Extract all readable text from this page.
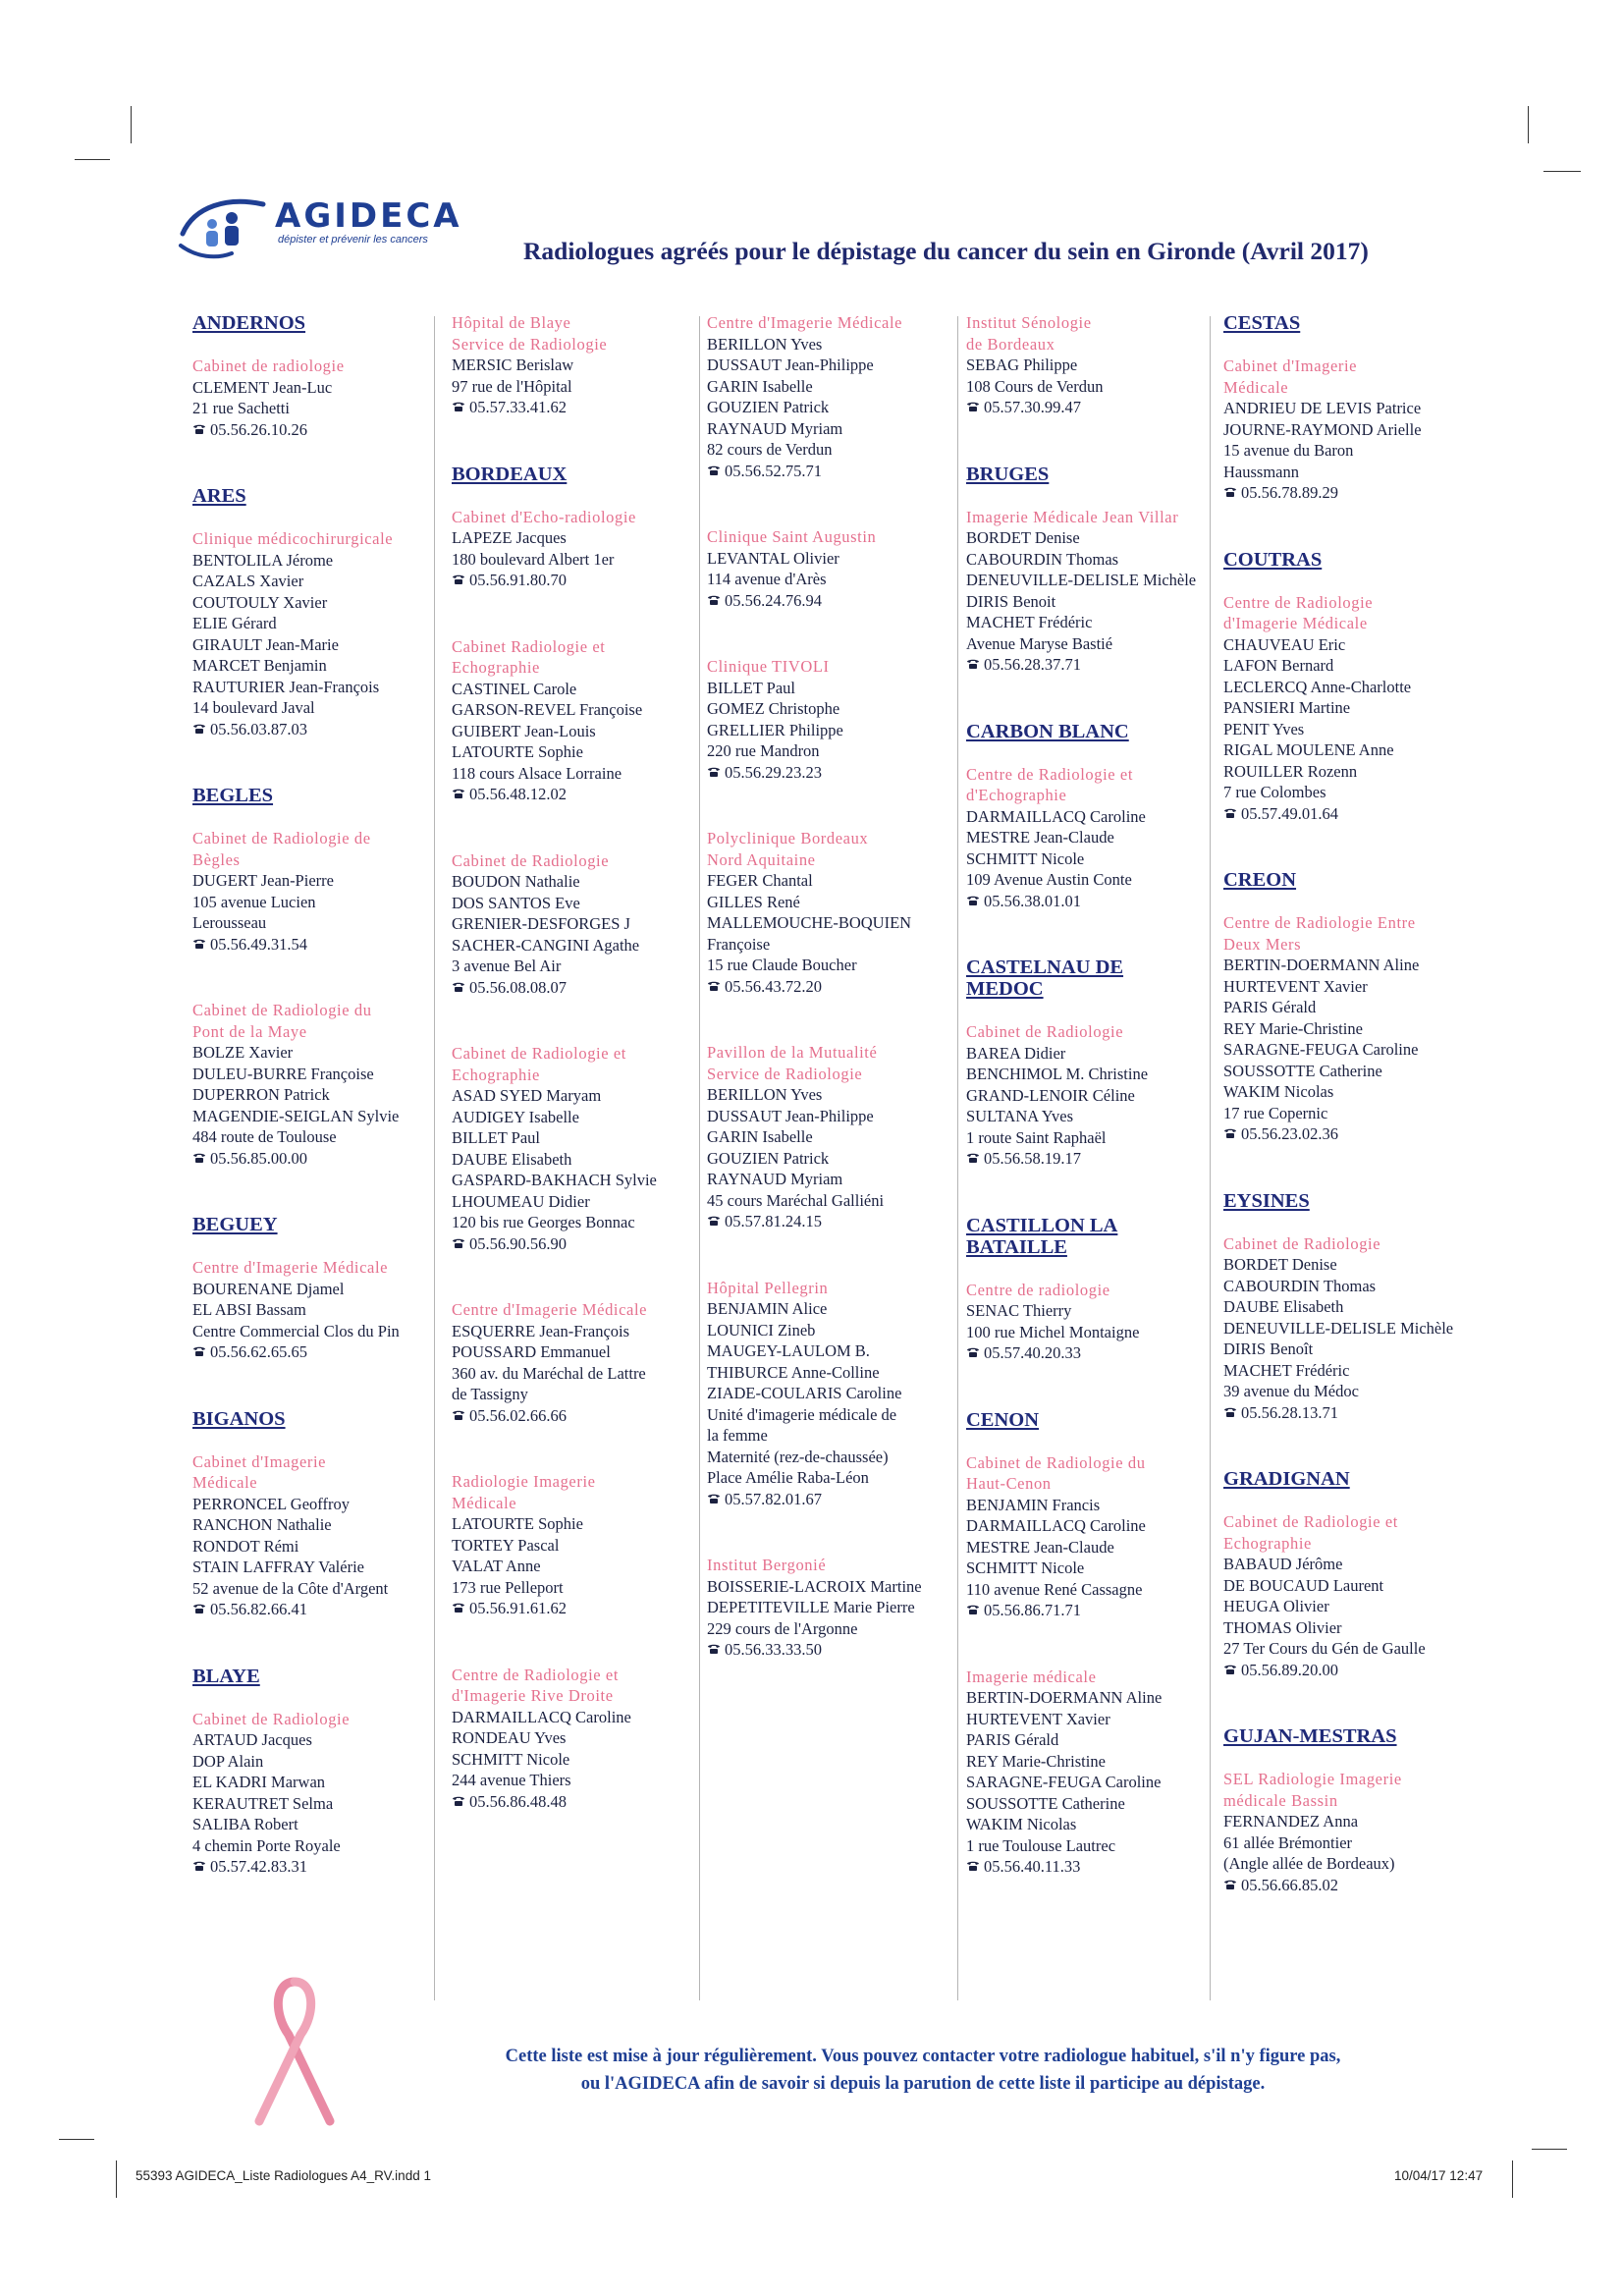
AGIDECA
dépister et prévenir les cancers	Radiologues agréés pour le dépistage du cancer du sein en Gironde (Avril 2017)
ANDERNOS
Cabinet de radiologie
CLEMENT Jean-Luc
21 rue Sachetti
05.56.26.10.26
ARES
Clinique médicochirurgicale
BENTOLILA Jérome
CAZALS Xavier
COUTOULY Xavier
ELIE Gérard
GIRAULT Jean-Marie
MARCET Benjamin
RAUTURIER Jean-François
14 boulevard Javal
05.56.03.87.03
BEGLES
Cabinet de Radiologie de
Bègles
DUGERT Jean-Pierre
105 avenue Lucien
Lerousseau
05.56.49.31.54
Cabinet de Radiologie du
Pont de la Maye
BOLZE Xavier
DULEU-BURRE Françoise
DUPERRON Patrick
MAGENDIE-SEIGLAN Sylvie
484 route de Toulouse
05.56.85.00.00
BEGUEY
Centre d'Imagerie Médicale
BOURENANE Djamel
EL ABSI Bassam
Centre Commercial Clos du Pin
05.56.62.65.65
BIGANOS
Cabinet d'Imagerie
Médicale
PERRONCEL Geoffroy
RANCHON Nathalie
RONDOT Rémi
STAIN LAFFRAY Valérie
52 avenue de la Côte d'Argent
05.56.82.66.41
BLAYE
Cabinet de Radiologie
ARTAUD Jacques
DOP Alain
EL KADRI Marwan
KERAUTRET Selma
SALIBA Robert
4 chemin Porte Royale
05.57.42.83.31
Hôpital de Blaye
Service de Radiologie
MERSIC Berislaw
97 rue de l'Hôpital
05.57.33.41.62
BORDEAUX
Cabinet d'Echo-radiologie
LAPEZE Jacques
180 boulevard Albert 1er
05.56.91.80.70
Cabinet Radiologie et
Echographie
CASTINEL Carole
GARSON-REVEL Françoise
GUIBERT Jean-Louis
LATOURTE Sophie
118 cours Alsace Lorraine
05.56.48.12.02
Cabinet de Radiologie
BOUDON Nathalie
DOS SANTOS Eve
GRENIER-DESFORGES J
SACHER-CANGINI Agathe
3 avenue Bel Air
05.56.08.08.07
Cabinet de Radiologie et
Echographie
ASAD SYED Maryam
AUDIGEY Isabelle
BILLET Paul
DAUBE Elisabeth
GASPARD-BAKHACH Sylvie
LHOUMEAU Didier
120 bis rue Georges Bonnac
05.56.90.56.90
Centre d'Imagerie Médicale
ESQUERRE Jean-François
POUSSARD Emmanuel
360 av. du Maréchal de Lattre
de Tassigny
05.56.02.66.66
Radiologie Imagerie
Médicale
LATOURTE Sophie
TORTEY Pascal
VALAT Anne
173 rue Pelleport
05.56.91.61.62
Centre de Radiologie et
d'Imagerie Rive Droite
DARMAILLACQ Caroline
RONDEAU Yves
SCHMITT Nicole
244 avenue Thiers
05.56.86.48.48
Centre d'Imagerie Médicale
BERILLON Yves
DUSSAUT Jean-Philippe
GARIN Isabelle
GOUZIEN Patrick
RAYNAUD Myriam
82 cours de Verdun
05.56.52.75.71
Clinique Saint Augustin
LEVANTAL Olivier
114 avenue d'Arès
05.56.24.76.94
Clinique TIVOLI
BILLET Paul
GOMEZ Christophe
GRELLIER Philippe
220 rue Mandron
05.56.29.23.23
Polyclinique Bordeaux
Nord Aquitaine
FEGER Chantal
GILLES René
MALLEMOUCHE-BOQUIEN
Françoise
15 rue Claude Boucher
05.56.43.72.20
Pavillon de la Mutualité
Service de Radiologie
BERILLON Yves
DUSSAUT Jean-Philippe
GARIN Isabelle
GOUZIEN Patrick
RAYNAUD Myriam
45 cours Maréchal Galliéni
05.57.81.24.15
Hôpital Pellegrin
BENJAMIN Alice
LOUNICI Zineb
MAUGEY-LAULOM B.
THIBURCE Anne-Colline
ZIADE-COULARIS Caroline
Unité d'imagerie médicale de
la femme
Maternité (rez-de-chaussée)
Place Amélie Raba-Léon
05.57.82.01.67
Institut Bergonié
BOISSERIE-LACROIX Martine
DEPETITEVILLE Marie Pierre
229 cours de l'Argonne
05.56.33.33.50
Institut Sénologie
de Bordeaux
SEBAG Philippe
108 Cours de Verdun
05.57.30.99.47
BRUGES
Imagerie Médicale Jean Villar
BORDET Denise
CABOURDIN Thomas
DENEUVILLE-DELISLE Michèle
DIRIS Benoit
MACHET Frédéric
Avenue Maryse Bastié
05.56.28.37.71
CARBON BLANC
Centre de Radiologie et
d'Echographie
DARMAILLACQ Caroline
MESTRE Jean-Claude
SCHMITT Nicole
109 Avenue Austin Conte
05.56.38.01.01
CASTELNAU DE MEDOC
Cabinet de Radiologie
BAREA Didier
BENCHIMOL M. Christine
GRAND-LENOIR Céline
SULTANA Yves
1 route Saint Raphaël
05.56.58.19.17
CASTILLON LA BATAILLE
Centre de radiologie
SENAC Thierry
100 rue Michel Montaigne
05.57.40.20.33
CENON
Cabinet de Radiologie du
Haut-Cenon
BENJAMIN Francis
DARMAILLACQ Caroline
MESTRE Jean-Claude
SCHMITT Nicole
110 avenue René Cassagne
05.56.86.71.71
Imagerie médicale
BERTIN-DOERMANN Aline
HURTEVENT Xavier
PARIS Gérald
REY Marie-Christine
SARAGNE-FEUGA Caroline
SOUSSOTTE Catherine
WAKIM Nicolas
1 rue Toulouse Lautrec
05.56.40.11.33
CESTAS
Cabinet d'Imagerie
Médicale
ANDRIEU DE LEVIS Patrice
JOURNE-RAYMOND Arielle
15 avenue du Baron
Haussmann
05.56.78.89.29
COUTRAS
Centre de Radiologie
d'Imagerie Médicale
CHAUVEAU Eric
LAFON Bernard
LECLERCQ Anne-Charlotte
PANSIERI Martine
PENIT Yves
RIGAL MOULENE Anne
ROUILLER Rozenn
7 rue Colombes
05.57.49.01.64
CREON
Centre de Radiologie Entre
Deux Mers
BERTIN-DOERMANN Aline
HURTEVENT Xavier
PARIS Gérald
REY Marie-Christine
SARAGNE-FEUGA Caroline
SOUSSOTTE Catherine
WAKIM Nicolas
17 rue Copernic
05.56.23.02.36
EYSINES
Cabinet de Radiologie
BORDET Denise
CABOURDIN Thomas
DAUBE Elisabeth
DENEUVILLE-DELISLE Michèle
DIRIS Benoît
MACHET Frédéric
39 avenue du Médoc
05.56.28.13.71
GRADIGNAN
Cabinet de Radiologie et
Echographie
BABAUD Jérôme
DE BOUCAUD Laurent
HEUGA Olivier
THOMAS Olivier
27 Ter Cours du Gén de Gaulle
05.56.89.20.00
GUJAN-MESTRAS
SEL Radiologie Imagerie
médicale Bassin
FERNANDEZ Anna
61 allée Brémontier
(Angle allée de Bordeaux)
05.56.66.85.02
Cette liste est mise à jour régulièrement. Vous pouvez contacter votre radiologue habituel, s'il n'y figure pas,
ou l'AGIDECA afin de savoir si depuis la parution de cette liste il participe au dépistage.
55393 AGIDECA_Liste Radiologues A4_RV.indd 1	10/04/17 12:47
